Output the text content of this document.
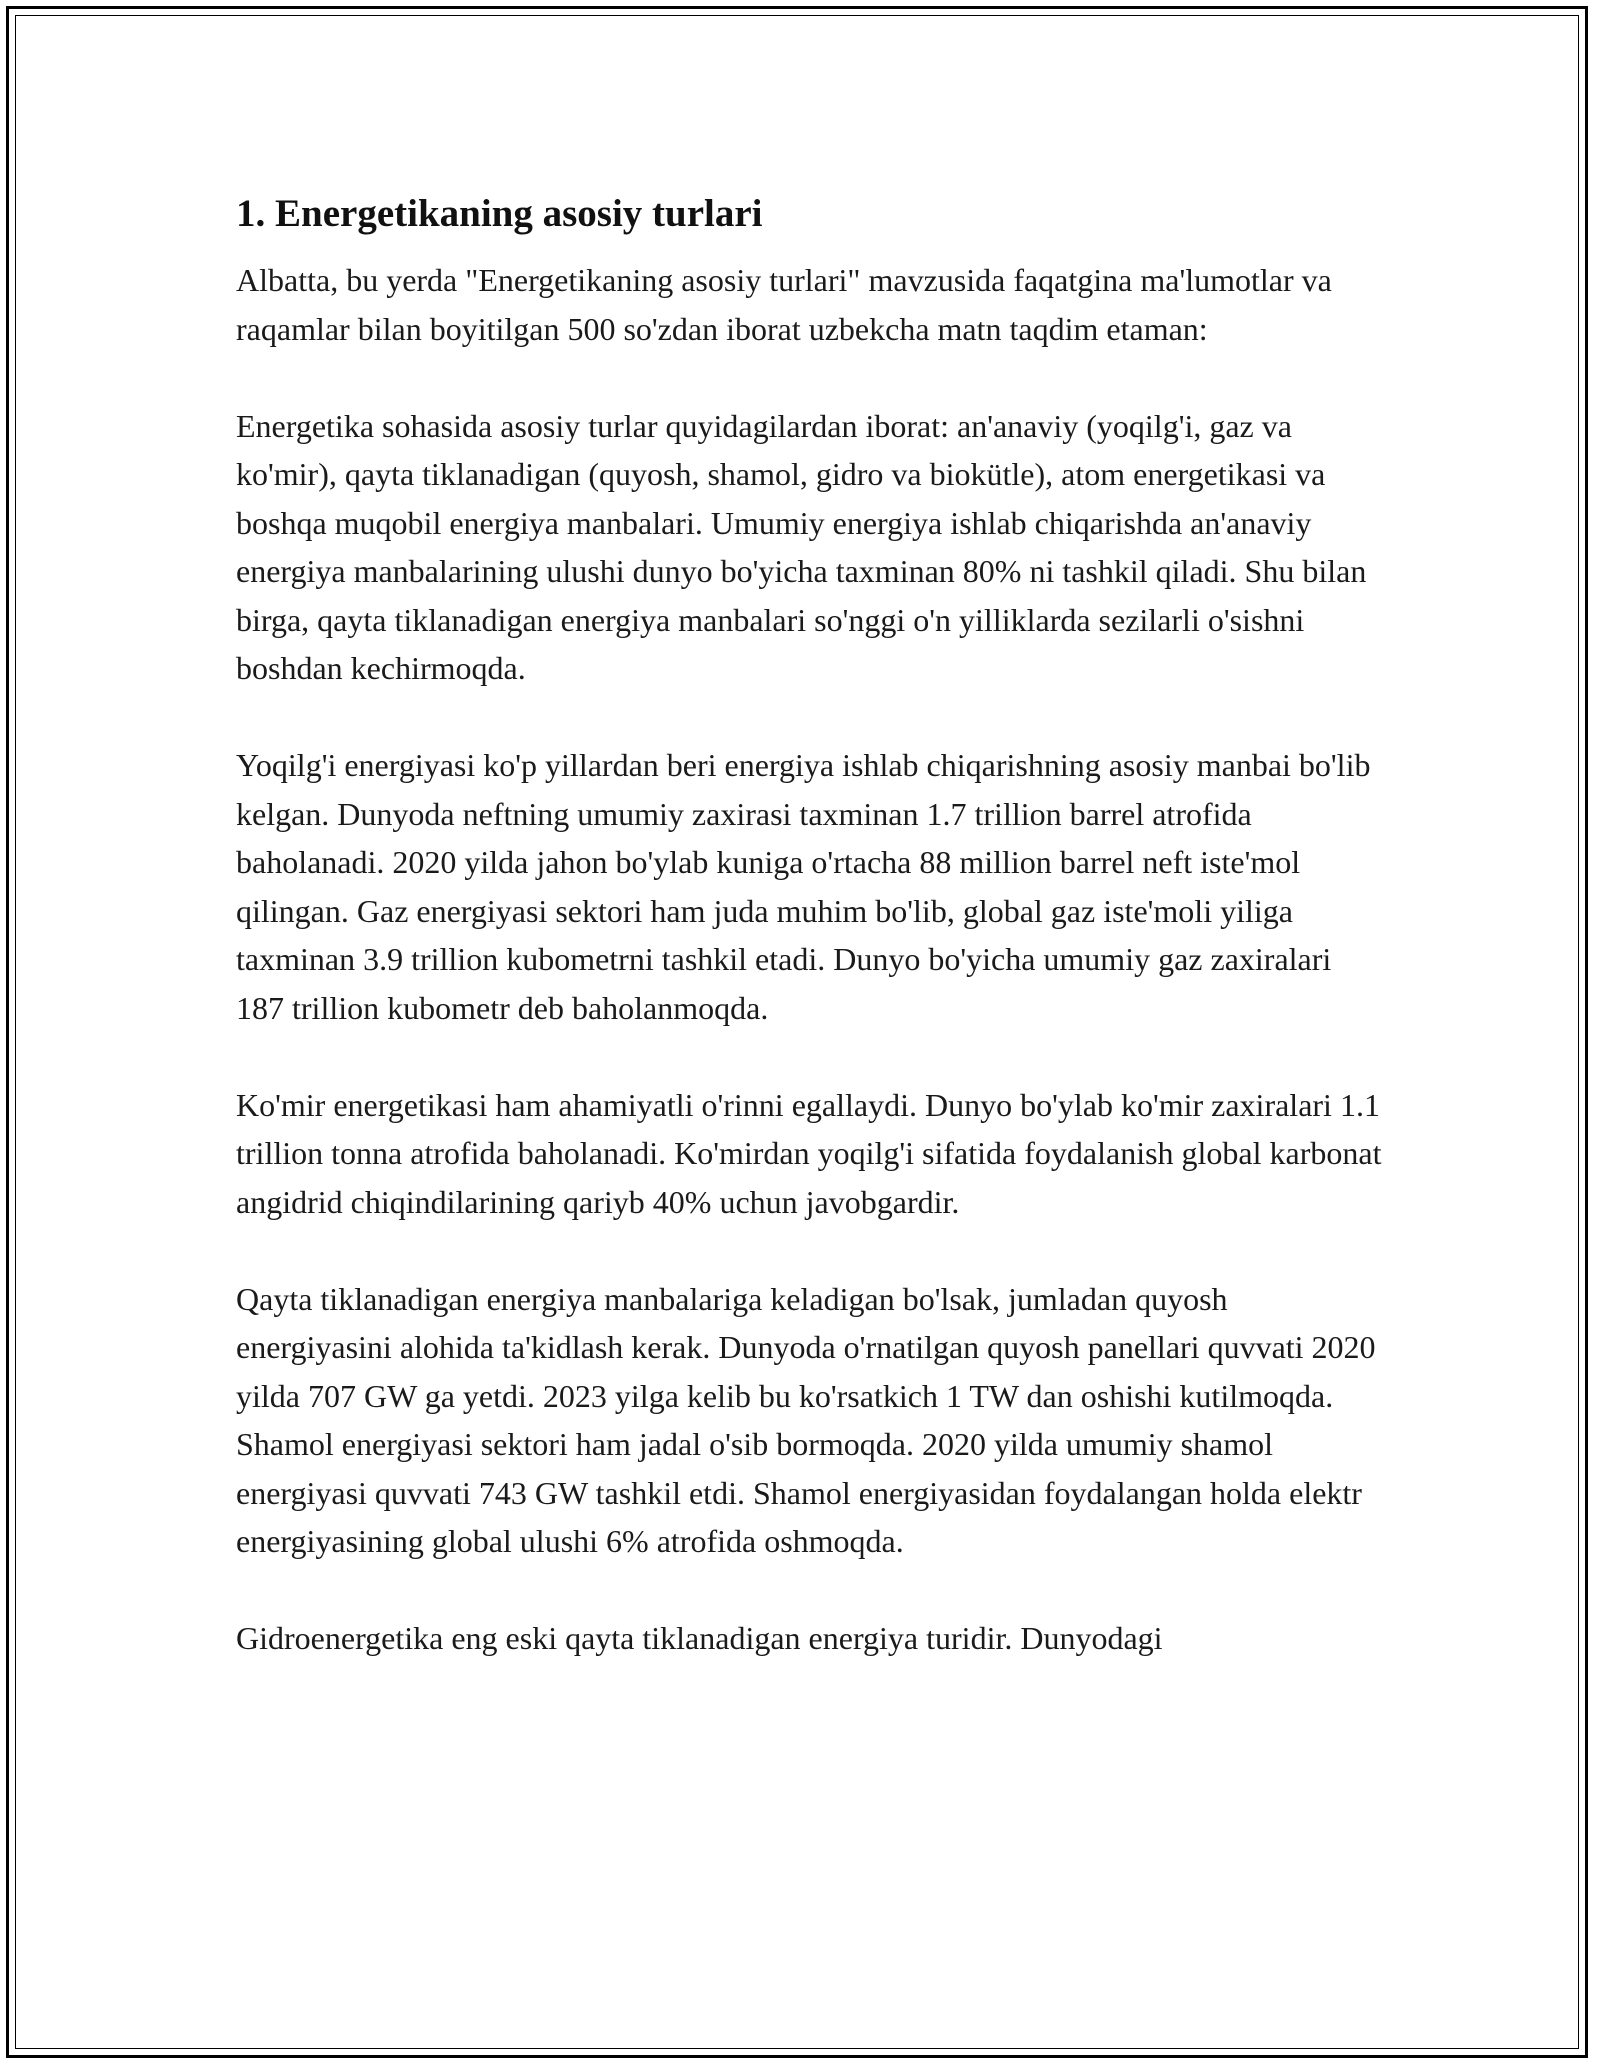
1. Energetikaning asosiy turlari

Albatta, bu yerda "Energetikaning asosiy turlari" mavzusida faqatgina ma'lumotlar va raqamlar bilan boyitilgan 500 so'zdan iborat uzbekcha matn taqdim etaman:

Energetika sohasida asosiy turlar quyidagilardan iborat: an'anaviy (yoqilg'i, gaz va ko'mir), qayta tiklanadigan (quyosh, shamol, gidro va biokütle), atom energetikasi va boshqa muqobil energiya manbalari. Umumiy energiya ishlab chiqarishda an'anaviy energiya manbalarining ulushi dunyo bo'yicha taxminan 80% ni tashkil qiladi. Shu bilan birga, qayta tiklanadigan energiya manbalari so'nggi o'n yilliklarda sezilarli o'sishni boshdan kechirmoqda.

Yoqilg'i energiyasi ko'p yillardan beri energiya ishlab chiqarishning asosiy manbai bo'lib kelgan. Dunyoda neftning umumiy zaxirasi taxminan 1.7 trillion barrel atrofida baholanadi. 2020 yilda jahon bo'ylab kuniga o'rtacha 88 million barrel neft iste'mol qilingan. Gaz energiyasi sektori ham juda muhim bo'lib, global gaz iste'moli yiliga taxminan 3.9 trillion kubometrni tashkil etadi. Dunyo bo'yicha umumiy gaz zaxiralari 187 trillion kubometr deb baholanmoqda.

Ko'mir energetikasi ham ahamiyatli o'rinni egallaydi. Dunyo bo'ylab ko'mir zaxiralari 1.1 trillion tonna atrofida baholanadi. Ko'mirdan yoqilg'i sifatida foydalanish global karbonat angidrid chiqindilarining qariyb 40% uchun javobgardir.

Qayta tiklanadigan energiya manbalariga keladigan bo'lsak, jumladan quyosh energiyasini alohida ta'kidlash kerak. Dunyoda o'rnatilgan quyosh panellari quvvati 2020 yilda 707 GW ga yetdi. 2023 yilga kelib bu ko'rsatkich 1 TW dan oshishi kutilmoqda. Shamol energiyasi sektori ham jadal o'sib bormoqda. 2020 yilda umumiy shamol energiyasi quvvati 743 GW tashkil etdi. Shamol energiyasidan foydalangan holda elektr energiyasining global ulushi 6% atrofida oshmoqda.

Gidroenergetika eng eski qayta tiklanadigan energiya turidir. Dunyodagi
